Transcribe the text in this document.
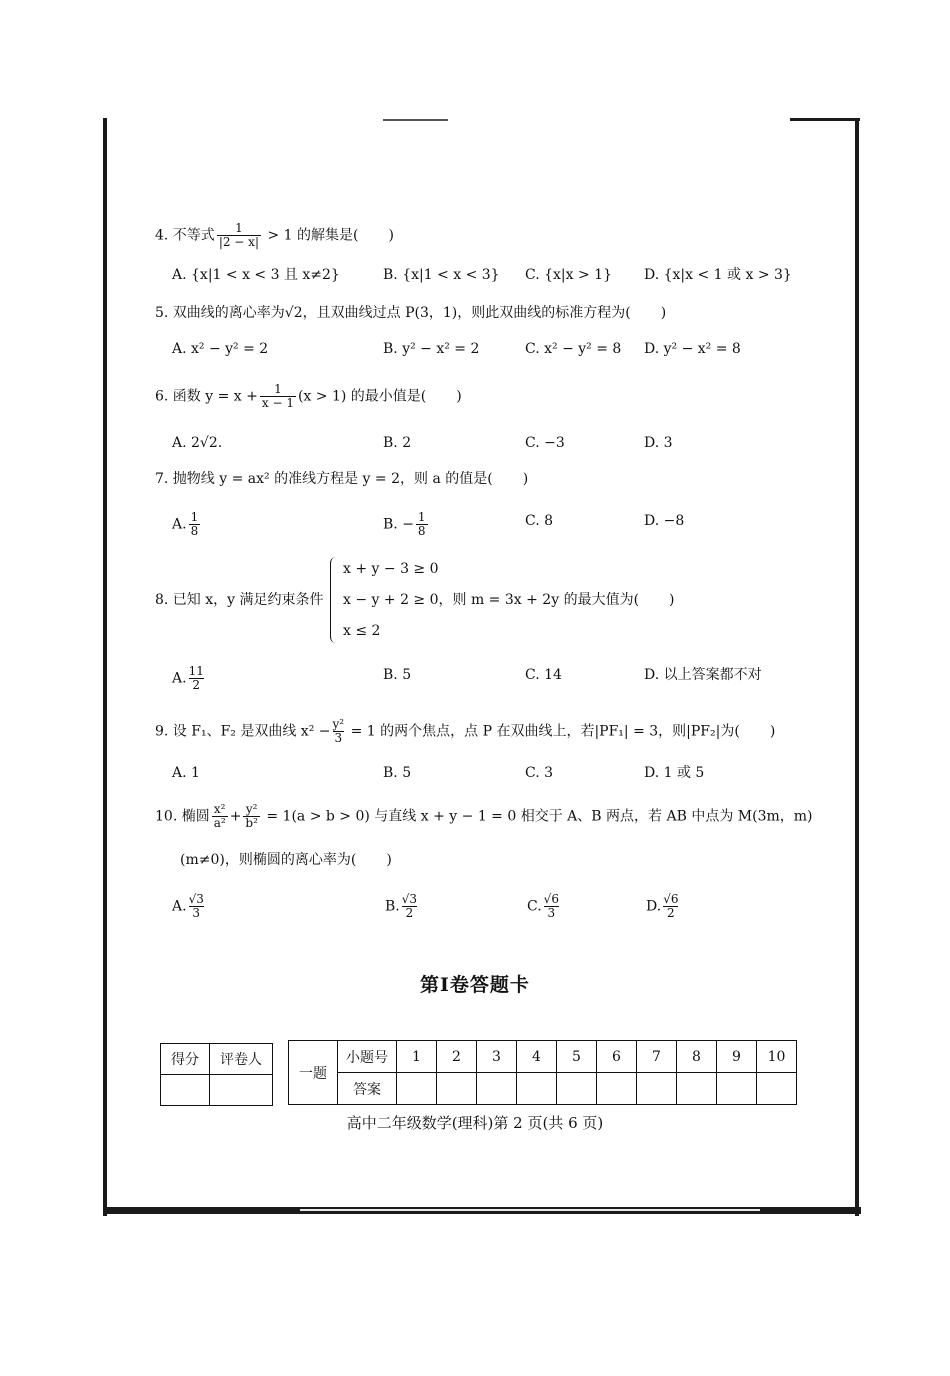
4. 不等式 $\frac{1}{|2 - x|} > 1$ 的解集是( )
A. {x|1 < x < 3 且 x≠2}	B. {x|1 < x < 3} C. {x|x > 1} D. {x|x < 1 或 x > 3}
5. 双曲线的离心率为√2，且双曲线过点 P(3，1)，则此双曲线的标准方程为( )
A. x² − y² = 2	B. y² − x² = 2	C. x² − y² = 8 D. y² − x² = 8
6. 函数 $y = x + \frac{1}{x - 1} (x > 1)$ 的最小值是( )
A. 2√2.	B. 2	C. −3	D. 3
7. 抛物线 y = ax² 的准线方程是 y = 2，则 a 的值是( )
A. $\frac{1}{8}$	B. − $\frac{1}{8}$	C. 8	D. −8
8. 已知 x，y 满足约束条件
x + y − 3 ≥ 0
x − y + 2 ≥ 0，则 m = 3x + 2y 的最大值为( )
x ≤ 2
A. $\frac{11}{2}$	B. 5	C. 14	D. 以上答案都不对
9. 设 F₁、F₂ 是双曲线 $x^2 - \frac{\text{y²}}{3} = 1$ 的两个焦点，点 P 在双曲线上，若|PF₁| = 3，则|PF₂|为( )
A. 1	B. 5	C. 3	D. 1 或 5
10. 椭圆 $\frac{\text{x²}}{\text{a²}} + \frac{\text{y²}}{\text{b²}} = 1(a > b > 0)$ 与直线 x + y − 1 = 0 相交于 A、B 两点，若 AB 中点为 M(3m，m)
(m≠0)，则椭圆的离心率为( )
A. $\frac{√3}{3}$	B. $\frac{√3}{2}$	C. $\frac{√6}{3}$	D. $\frac{√6}{2}$
第Ⅰ卷答题卡
得分	评卷人

一题	小题号	1	2	3	4	5	6	7	8	9	10
	答案										
高中二年级数学(理科)第 2 页(共 6 页)
